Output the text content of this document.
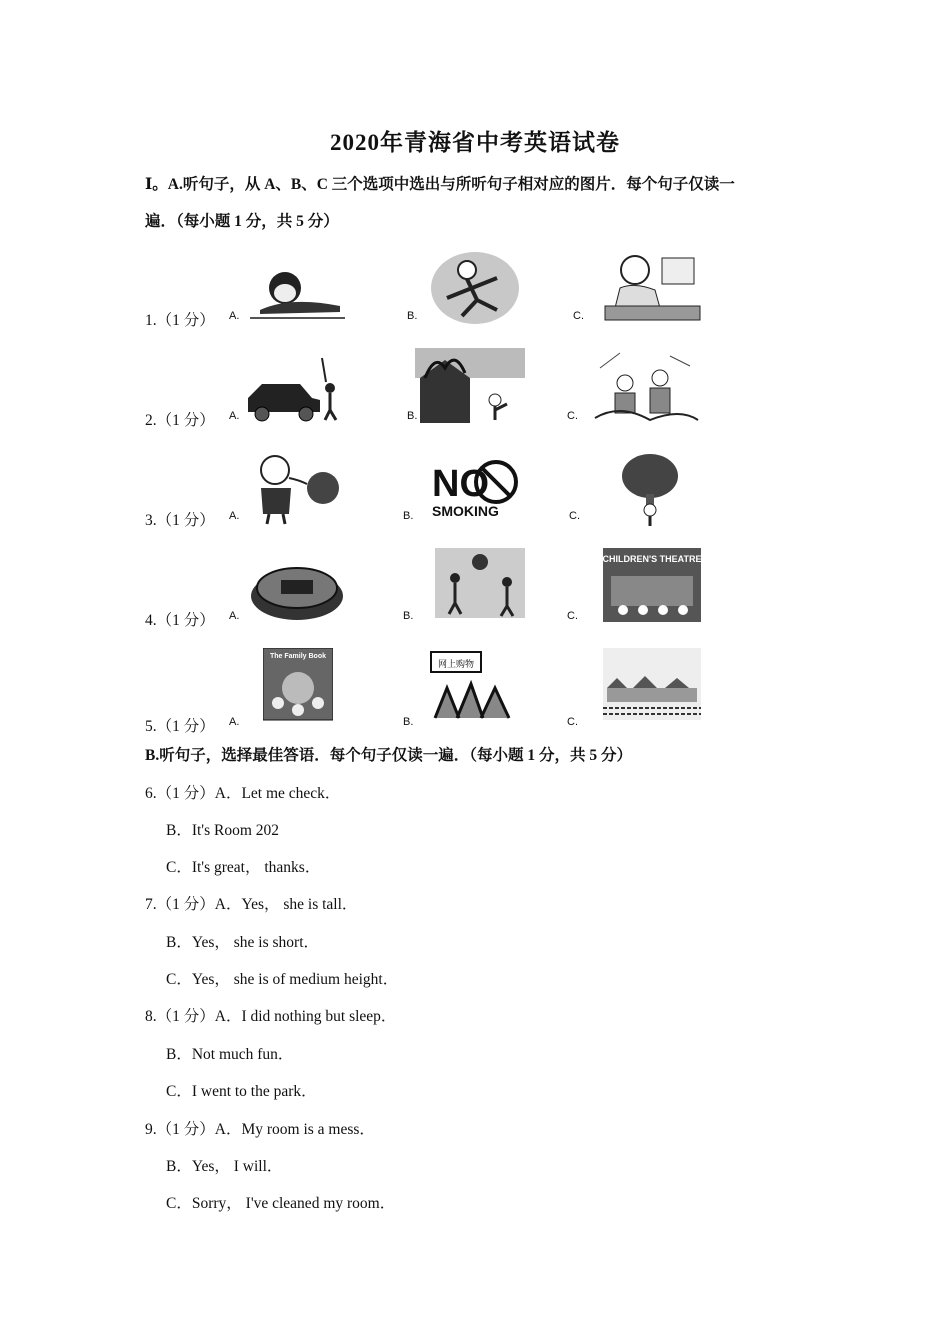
2020年青海省中考英语试卷
Ⅰ。A.听句子，从 A、B、C 三个选项中选出与所听句子相对应的图片．每个句子仅读一
遍．（每小题 1 分，共 5 分）
1.（1 分） A.	B.	C.
2.（1 分） A.	B.	C.
3.（1 分） A.	B.
NO
SMOKING	C.
4.（1 分） A.	B.	C.
CHILDREN'S THEATRE
5.（1 分） A.
The Family Book
B.
网上购物
C.
B.听句子，选择最佳答语．每个句子仅读一遍．（每小题 1 分，共 5 分）
6.（1 分）A．Let me check．
B．It's Room 202
C．It's great， thanks．
7.（1 分）A．Yes， she is tall．
B．Yes， she is short．
C．Yes， she is of medium height．
8.（1 分）A．I did nothing but sleep．
B．Not much fun．
C．I went to the park．
9.（1 分）A．My room is a mess．
B．Yes， I will．
C．Sorry， I've cleaned my room．
